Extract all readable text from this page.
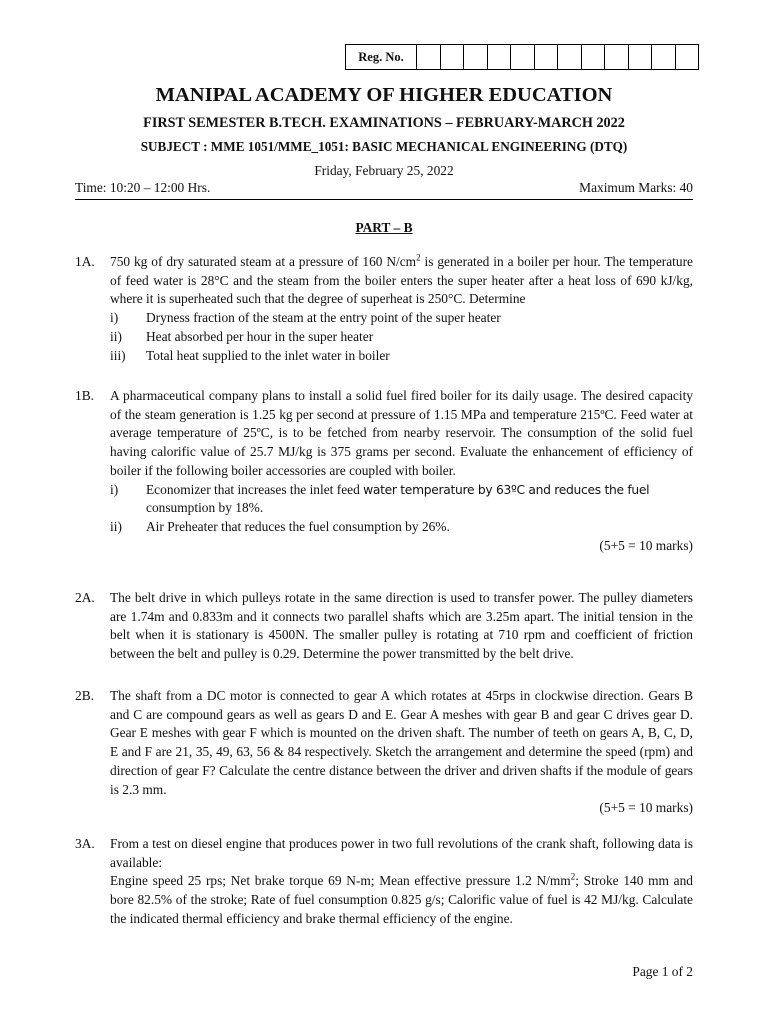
Reg. No.
MANIPAL ACADEMY OF HIGHER EDUCATION
FIRST SEMESTER B.TECH. EXAMINATIONS – FEBRUARY-MARCH 2022
SUBJECT : MME 1051/MME_1051: BASIC MECHANICAL ENGINEERING (DTQ)
Friday, February 25, 2022
Time: 10:20 – 12:00 Hrs.	Maximum Marks: 40
PART – B
1A.	750 kg of dry saturated steam at a pressure of 160 $N/cm^2$ is generated in a boiler per hour. The temperature of feed water is 28°C and the steam from the boiler enters the super heater after a heat loss of 690 kJ/kg, where it is superheated such that the degree of superheat is 250°C. Determine
i)	Dryness fraction of the steam at the entry point of the super heater
ii)	Heat absorbed per hour in the super heater
iii)	Total heat supplied to the inlet water in boiler
1B.	A pharmaceutical company plans to install a solid fuel fired boiler for its daily usage. The desired capacity of the steam generation is 1.25 kg per second at pressure of 1.15 MPa and temperature 215ºC. Feed water at average temperature of 25ºC, is to be fetched from nearby reservoir. The consumption of the solid fuel having calorific value of 25.7 MJ/kg is 375 grams per second. Evaluate the enhancement of efficiency of boiler if the following boiler accessories are coupled with boiler.
i)	Economizer that increases the inlet feed water temperature by 63ºC and reduces the fuel
consumption by 18%.
ii)	Air Preheater that reduces the fuel consumption by 26%.
(5+5 = 10 marks)
2A.	The belt drive in which pulleys rotate in the same direction is used to transfer power. The pulley diameters are 1.74m and 0.833m and it connects two parallel shafts which are 3.25m apart. The initial tension in the belt when it is stationary is 4500N. The smaller pulley is rotating at 710 rpm and coefficient of friction between the belt and pulley is 0.29. Determine the power transmitted by the belt drive.
2B.	The shaft from a DC motor is connected to gear A which rotates at 45rps in clockwise direction. Gears B and C are compound gears as well as gears D and E. Gear A meshes with gear B and gear C drives gear D. Gear E meshes with gear F which is mounted on the driven shaft. The number of teeth on gears A, B, C, D, E and F are 21, 35, 49, 63, 56 & 84 respectively. Sketch the arrangement and determine the speed (rpm) and direction of gear F? Calculate the centre distance between the driver and driven shafts if the module of gears is 2.3 mm.
(5+5 = 10 marks)
3A.	From a test on diesel engine that produces power in two full revolutions of the crank shaft, following data is available:
Engine speed 25 rps; Net brake torque 69 N-m; Mean effective pressure 1.2 $N/mm^2$; Stroke 140 mm and bore 82.5% of the stroke; Rate of fuel consumption 0.825 g/s; Calorific value of fuel is 42 MJ/kg. Calculate the indicated thermal efficiency and brake thermal efficiency of the engine.
Page 1 of 2
